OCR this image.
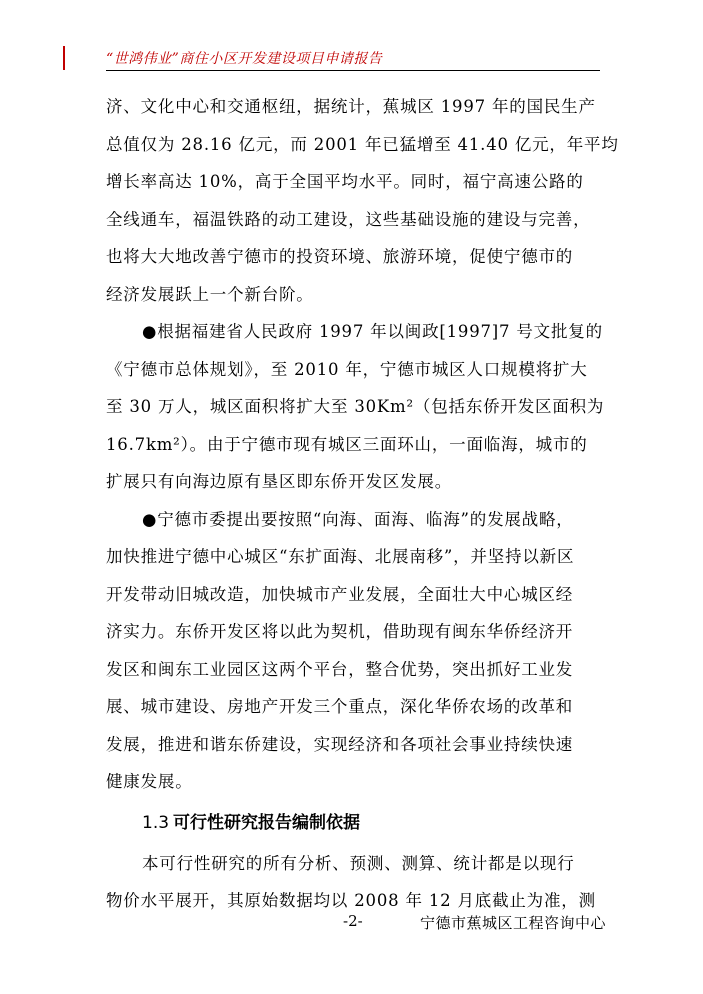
“世鸿伟业”商住小区开发建设项目申请报告
济、文化中心和交通枢纽，据统计，蕉城区 1997 年的国民生产
总值仅为 28.16 亿元，而 2001 年已猛增至 41.40 亿元，年平均
增长率高达 10%，高于全国平均水平。同时，福宁高速公路的
全线通车，福温铁路的动工建设，这些基础设施的建设与完善，
也将大大地改善宁德市的投资环境、旅游环境，促使宁德市的
经济发展跃上一个新台阶。
●根据福建省人民政府 1997 年以闽政[1997]7 号文批复的
《宁德市总体规划》，至 2010 年，宁德市城区人口规模将扩大
至 30 万人，城区面积将扩大至 30Km²（包括东侨开发区面积为
16.7km²）。由于宁德市现有城区三面环山，一面临海，城市的
扩展只有向海边原有垦区即东侨开发区发展。
●宁德市委提出要按照“向海、面海、临海”的发展战略，
加快推进宁德中心城区“东扩面海、北展南移”，并坚持以新区
开发带动旧城改造，加快城市产业发展，全面壮大中心城区经
济实力。东侨开发区将以此为契机，借助现有闽东华侨经济开
发区和闽东工业园区这两个平台，整合优势，突出抓好工业发
展、城市建设、房地产开发三个重点，深化华侨农场的改革和
发展，推进和谐东侨建设，实现经济和各项社会事业持续快速
健康发展。
1.3 可行性研究报告编制依据
本可行性研究的所有分析、预测、测算、统计都是以现行
物价水平展开，其原始数据均以 2008 年 12 月底截止为准，测
-2-	宁德市蕉城区工程咨询中心
